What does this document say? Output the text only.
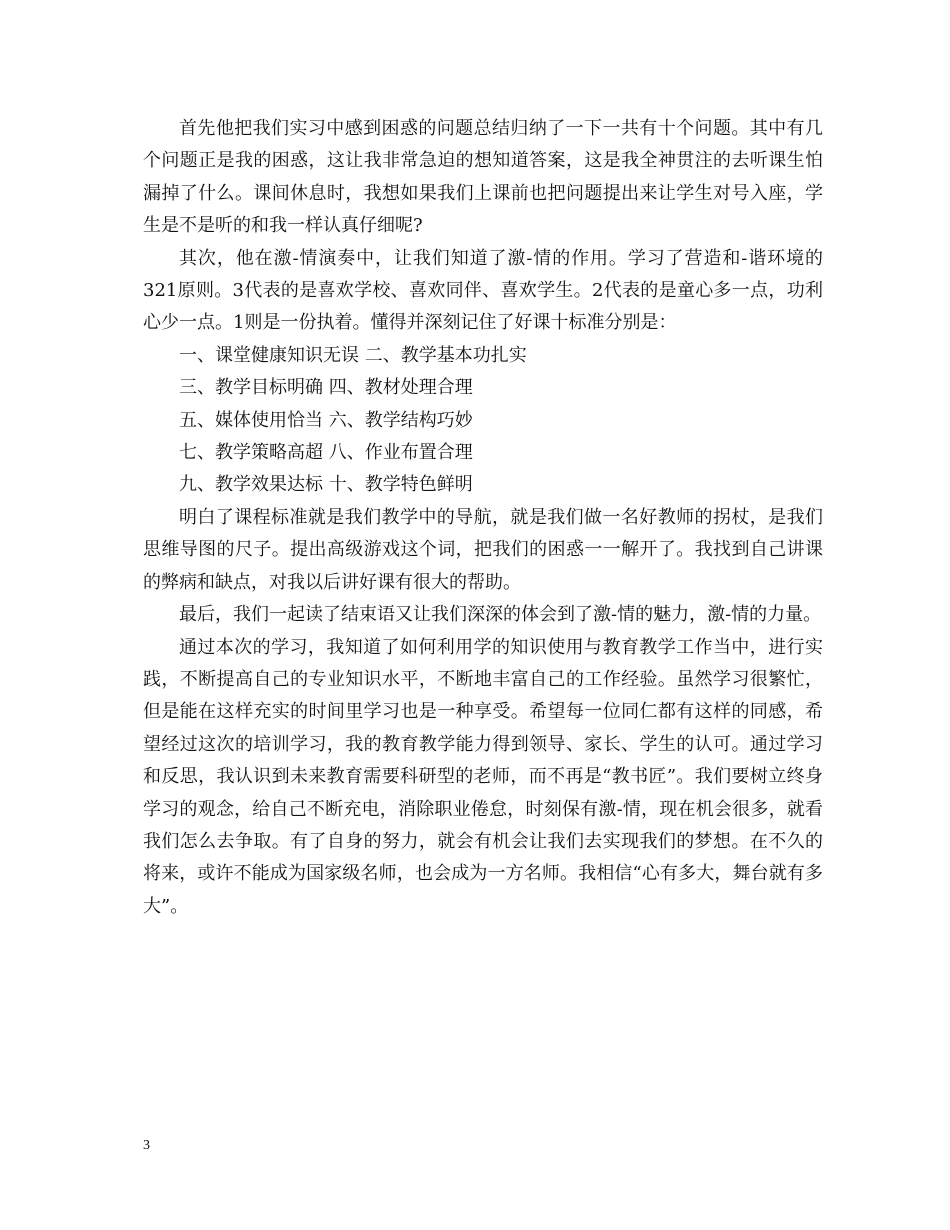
首先他把我们实习中感到困惑的问题总结归纳了一下一共有十个问题。其中有几个问题正是我的困惑，这让我非常急迫的想知道答案，这是我全神贯注的去听课生怕漏掉了什么。课间休息时，我想如果我们上课前也把问题提出来让学生对号入座，学生是不是听的和我一样认真仔细呢?

其次，他在激-情演奏中，让我们知道了激-情的作用。学习了营造和-谐环境的321原则。3代表的是喜欢学校、喜欢同伴、喜欢学生。2代表的是童心多一点，功利心少一点。1则是一份执着。懂得并深刻记住了好课十标准分别是：

一、课堂健康知识无误 二、教学基本功扎实

三、教学目标明确 四、教材处理合理

五、媒体使用恰当 六、教学结构巧妙

七、教学策略高超 八、作业布置合理

九、教学效果达标 十、教学特色鲜明

明白了课程标准就是我们教学中的导航，就是我们做一名好教师的拐杖，是我们思维导图的尺子。提出高级游戏这个词，把我们的困惑一一解开了。我找到自己讲课的弊病和缺点，对我以后讲好课有很大的帮助。

最后，我们一起读了结束语又让我们深深的体会到了激-情的魅力，激-情的力量。

通过本次的学习，我知道了如何利用学的知识使用与教育教学工作当中，进行实践，不断提高自己的专业知识水平，不断地丰富自己的工作经验。虽然学习很繁忙，但是能在这样充实的时间里学习也是一种享受。希望每一位同仁都有这样的同感，希望经过这次的培训学习，我的教育教学能力得到领导、家长、学生的认可。通过学习和反思，我认识到未来教育需要科研型的老师，而不再是“教书匠”。我们要树立终身学习的观念，给自己不断充电，消除职业倦怠，时刻保有激-情，现在机会很多，就看我们怎么去争取。有了自身的努力，就会有机会让我们去实现我们的梦想。在不久的将来，或许不能成为国家级名师，也会成为一方名师。我相信“心有多大，舞台就有多大”。

3
